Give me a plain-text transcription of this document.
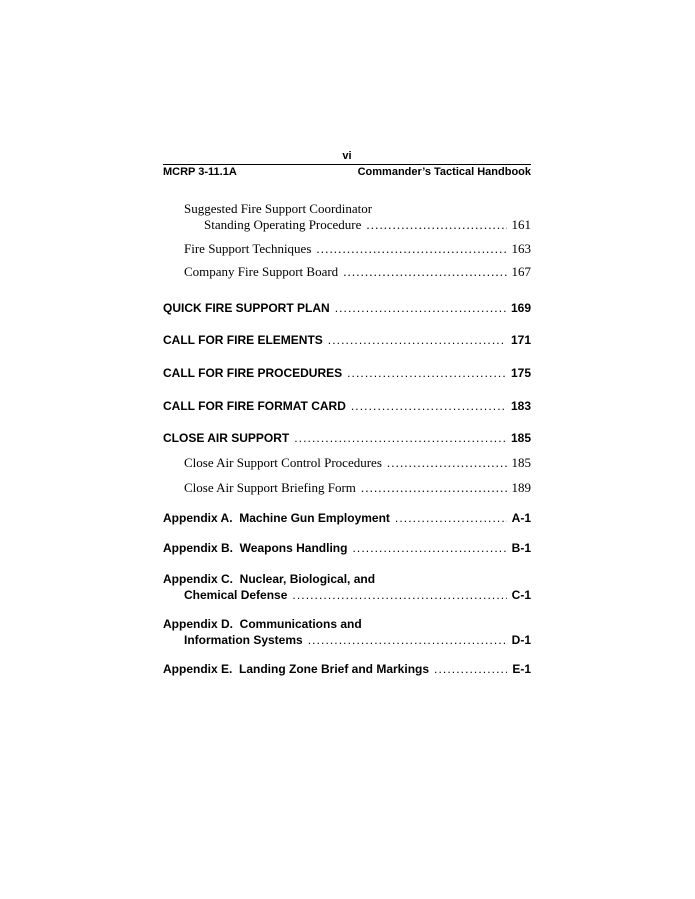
vi
MCRP 3-11.1A	Commander’s Tactical Handbook
Suggested Fire Support Coordinator
Standing Operating Procedure .....	161
Fire Support Techniques .....	163
Company Fire Support Board .....	167
QUICK FIRE SUPPORT PLAN .....	169
CALL FOR FIRE ELEMENTS .....	171
CALL FOR FIRE PROCEDURES .....	175
CALL FOR FIRE FORMAT CARD .....	183
CLOSE AIR SUPPORT .....	185
Close Air Support Control Procedures .....	185
Close Air Support Briefing Form .....	189
Appendix A.  Machine Gun Employment .....	A-1
Appendix B.  Weapons Handling .....	B-1
Appendix C.  Nuclear, Biological, and
Chemical Defense .....	C-1
Appendix D.  Communications and
Information Systems .....	D-1
Appendix E.  Landing Zone Brief and Markings .....	E-1
